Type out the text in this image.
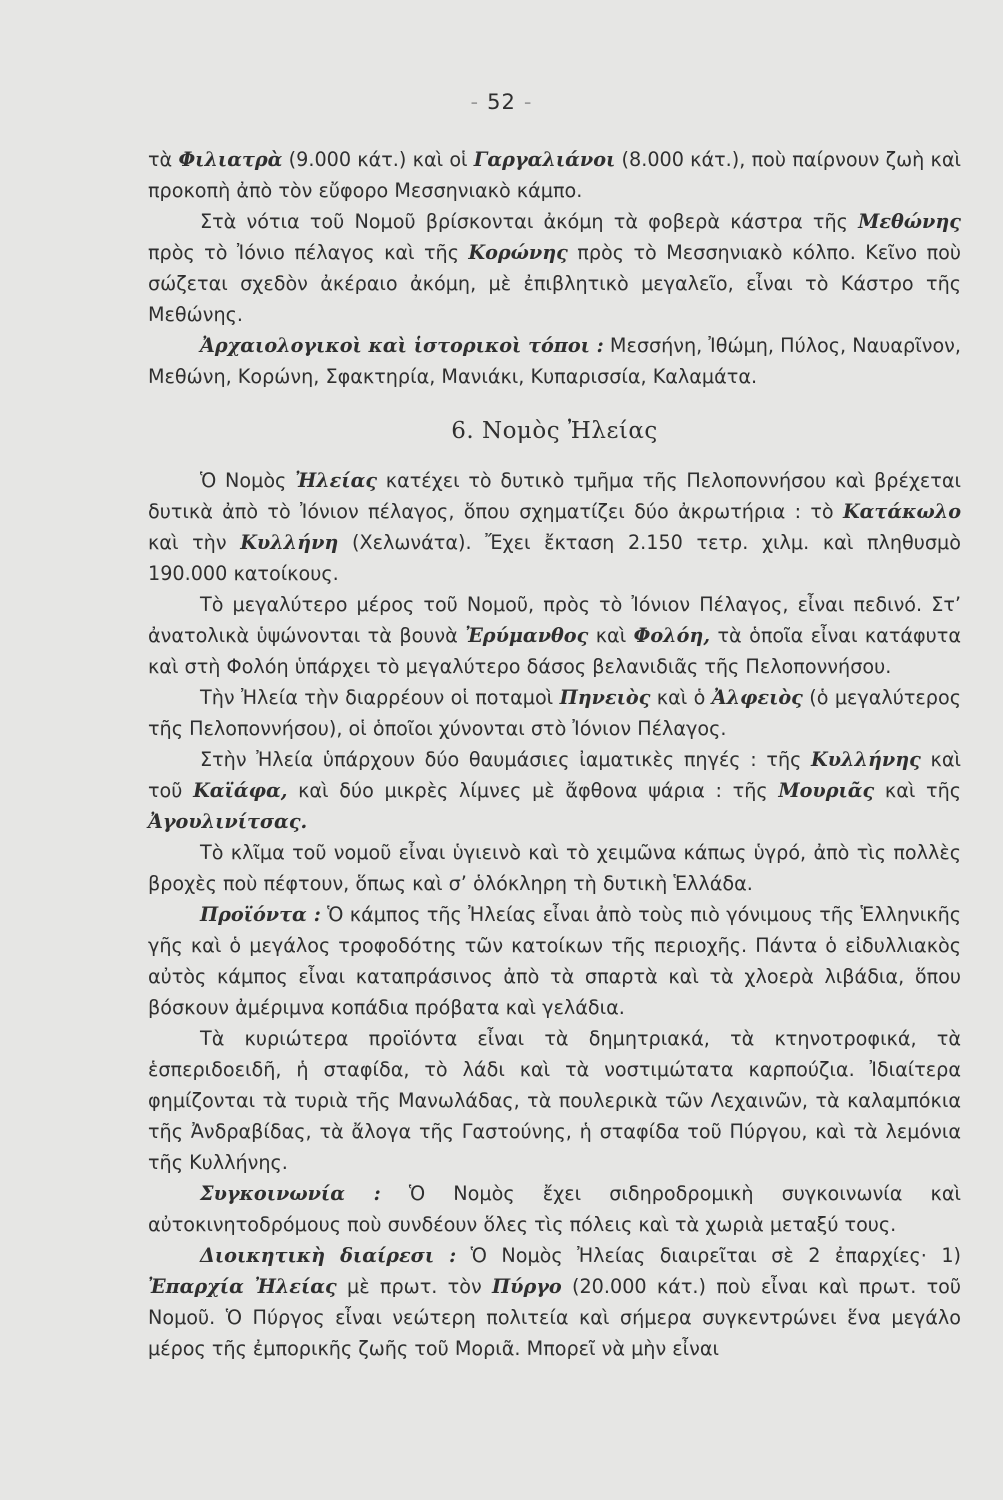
- 52 -

τὰ Φιλιατρὰ (9.000 κάτ.) καὶ οἱ Γαργαλιάνοι (8.000 κάτ.), ποὺ παίρνουν ζωὴ καὶ προκοπὴ ἀπὸ τὸν εὔφορο Μεσσηνιακὸ κάμπο.

Στὰ νότια τοῦ Νομοῦ βρίσκονται ἀκόμη τὰ φοβερὰ κάστρα τῆς Μεθώνης πρὸς τὸ Ἰόνιο πέλαγος καὶ τῆς Κορώνης πρὸς τὸ Μεσσηνιακὸ κόλπο. Κεῖνο ποὺ σώζεται σχεδὸν ἀκέραιο ἀκόμη, μὲ ἐπιβλητικὸ μεγαλεῖο, εἶναι τὸ Κάστρο τῆς Μεθώνης.

Ἀρχαιολογικοὶ καὶ ἱστορικοὶ τόποι : Μεσσήνη, Ἰθώμη, Πύλος, Ναυαρῖνον, Μεθώνη, Κορώνη, Σφακτηρία, Μανιάκι, Κυπαρισσία, Καλαμάτα.

6. Νομὸς Ἠλείας

Ὁ Νομὸς Ἠλείας κατέχει τὸ δυτικὸ τμῆμα τῆς Πελοποννήσου καὶ βρέχεται δυτικὰ ἀπὸ τὸ Ἰόνιον πέλαγος, ὅπου σχηματίζει δύο ἀκρωτήρια : τὸ Κατάκωλο καὶ τὴν Κυλλήνη (Χελωνάτα). Ἔχει ἔκταση 2.150 τετρ. χιλμ. καὶ πληθυσμὸ 190.000 κατοίκους.

Τὸ μεγαλύτερο μέρος τοῦ Νομοῦ, πρὸς τὸ Ἰόνιον Πέλαγος, εἶναι πεδινό. Στ’ ἀνατολικὰ ὑψώνονται τὰ βουνὰ Ἐρύμανθος καὶ Φολόη, τὰ ὁποῖα εἶναι κατάφυτα καὶ στὴ Φολόη ὑπάρχει τὸ μεγαλύτερο δάσος βελανιδιᾶς τῆς Πελοποννήσου.

Τὴν Ἠλεία τὴν διαρρέουν οἱ ποταμοὶ Πηνειὸς καὶ ὁ Ἀλφειὸς (ὁ μεγαλύτερος τῆς Πελοποννήσου), οἱ ὁποῖοι χύνονται στὸ Ἰόνιον Πέλαγος.

Στὴν Ἠλεία ὑπάρχουν δύο θαυμάσιες ἰαματικὲς πηγές : τῆς Κυλλήνης καὶ τοῦ Καϊάφα, καὶ δύο μικρὲς λίμνες μὲ ἄφθονα ψάρια : τῆς Μουριᾶς καὶ τῆς Ἀγουλινίτσας.

Τὸ κλῖμα τοῦ νομοῦ εἶναι ὑγιεινὸ καὶ τὸ χειμῶνα κάπως ὑγρό, ἀπὸ τὶς πολλὲς βροχὲς ποὺ πέφτουν, ὅπως καὶ σ’ ὁλόκληρη τὴ δυτικὴ Ἑλλάδα.

Προϊόντα : Ὁ κάμπος τῆς Ἠλείας εἶναι ἀπὸ τοὺς πιὸ γόνιμους τῆς Ἑλληνικῆς γῆς καὶ ὁ μεγάλος τροφοδότης τῶν κατοίκων τῆς περιοχῆς. Πάντα ὁ εἰδυλλιακὸς αὐτὸς κάμπος εἶναι καταπράσινος ἀπὸ τὰ σπαρτὰ καὶ τὰ χλοερὰ λιβάδια, ὅπου βόσκουν ἀμέριμνα κοπάδια πρόβατα καὶ γελάδια.

Τὰ κυριώτερα προϊόντα εἶναι τὰ δημητριακά, τὰ κτηνοτροφικά, τὰ ἑσπεριδοειδῆ, ἡ σταφίδα, τὸ λάδι καὶ τὰ νοστιμώτατα καρπούζια. Ἰδιαίτερα φημίζονται τὰ τυριὰ τῆς Μανωλάδας, τὰ πουλερικὰ τῶν Λεχαινῶν, τὰ καλαμπόκια τῆς Ἀνδραβίδας, τὰ ἄλογα τῆς Γαστούνης, ἡ σταφίδα τοῦ Πύργου, καὶ τὰ λεμόνια τῆς Κυλλήνης.

Συγκοινωνία : Ὁ Νομὸς ἔχει σιδηροδρομικὴ συγκοινωνία καὶ αὐτοκινητοδρόμους ποὺ συνδέουν ὅλες τὶς πόλεις καὶ τὰ χωριὰ μεταξύ τους.

Διοικητικὴ διαίρεσι : Ὁ Νομὸς Ἠλείας διαιρεῖται σὲ 2 ἐπαρχίες· 1) Ἐπαρχία Ἠλείας μὲ πρωτ. τὸν Πύργο (20.000 κάτ.) ποὺ εἶναι καὶ πρωτ. τοῦ Νομοῦ. Ὁ Πύργος εἶναι νεώτερη πολιτεία καὶ σήμερα συγκεντρώνει ἕνα μεγάλο μέρος τῆς ἐμπορικῆς ζωῆς τοῦ Μοριᾶ. Μπορεῖ νὰ μὴν εἶναι
